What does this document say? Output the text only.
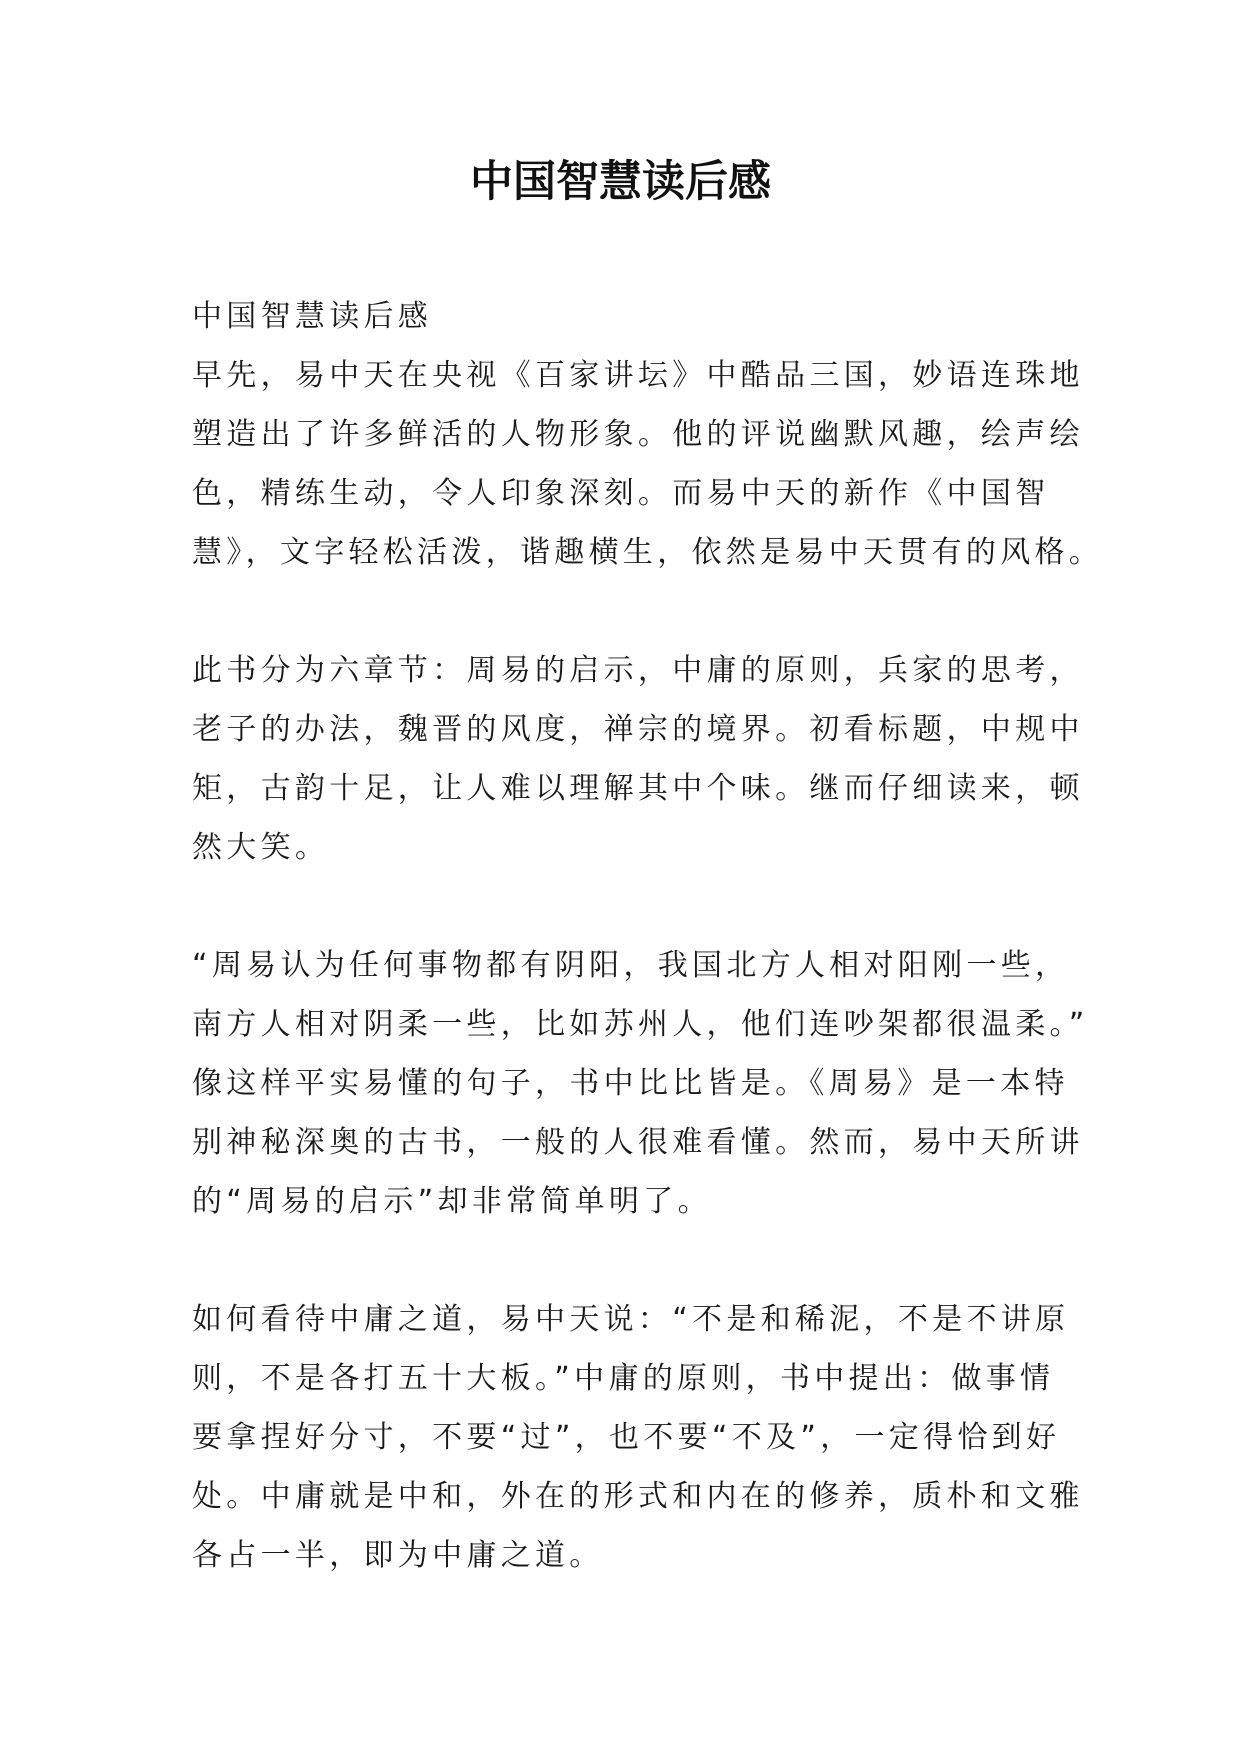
中国智慧读后感
中国智慧读后感
早先，易中天在央视《百家讲坛》中酷品三国，妙语连珠地
塑造出了许多鲜活的人物形象。他的评说幽默风趣，绘声绘
色，精练生动，令人印象深刻。而易中天的新作《中国智
慧》，文字轻松活泼，谐趣横生，依然是易中天贯有的风格。
此书分为六章节：周易的启示，中庸的原则，兵家的思考，
老子的办法，魏晋的风度，禅宗的境界。初看标题，中规中
矩，古韵十足，让人难以理解其中个味。继而仔细读来，顿
然大笑。
“周易认为任何事物都有阴阳，我国北方人相对阳刚一些，
南方人相对阴柔一些，比如苏州人，他们连吵架都很温柔。”
像这样平实易懂的句子，书中比比皆是。《周易》是一本特
别神秘深奥的古书，一般的人很难看懂。然而，易中天所讲
的“周易的启示”却非常简单明了。
如何看待中庸之道，易中天说：“不是和稀泥，不是不讲原
则，不是各打五十大板。”中庸的原则，书中提出：做事情
要拿捏好分寸，不要“过”，也不要“不及”，一定得恰到好
处。中庸就是中和，外在的形式和内在的修养，质朴和文雅
各占一半，即为中庸之道。
